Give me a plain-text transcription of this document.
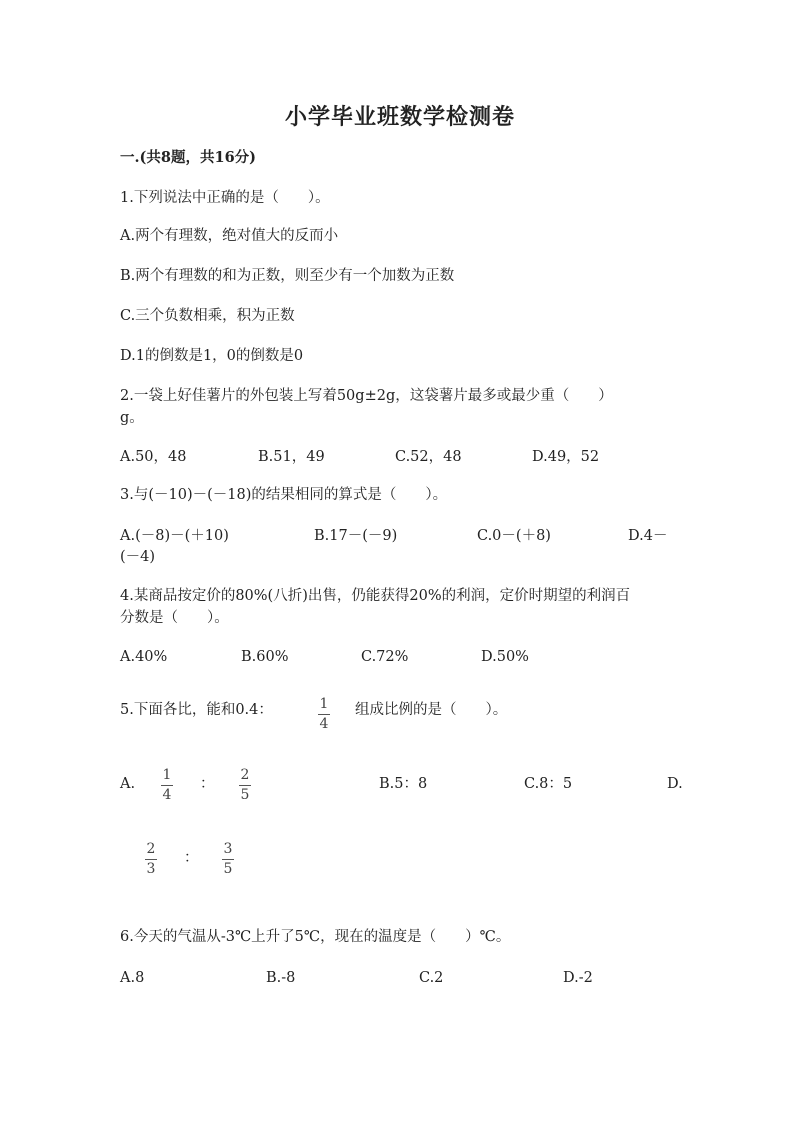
小学毕业班数学检测卷
一.(共8题，共16分)
1.下列说法中正确的是（　　）。
A.两个有理数，绝对值大的反而小
B.两个有理数的和为正数，则至少有一个加数为正数
C.三个负数相乘，积为正数
D.1的倒数是1，0的倒数是0
2.一袋上好佳薯片的外包装上写着50g±2g，这袋薯片最多或最少重（　　）
g。
A.50，48	B.51，49	C.52，48	D.49，52
3.与(－10)－(－18)的结果相同的算式是（　　）。
A.(－8)－(＋10)	B.17－(－9)	C.0－(＋8)	D.4－
(－4)
4.某商品按定价的80%(八折)出售，仍能获得20%的利润，定价时期望的利润百
分数是（　　）。
A.40%	B.60%	C.72%	D.50%
5.下面各比，能和0.4：	1
4
组成比例的是（　　）。
A.
1
4
：
2
5
B.5：8	C.8：5	D.
2
3
：
3
5
6.今天的气温从-3℃上升了5℃，现在的温度是（　　）℃。
A.8	B.-8	C.2	D.-2
